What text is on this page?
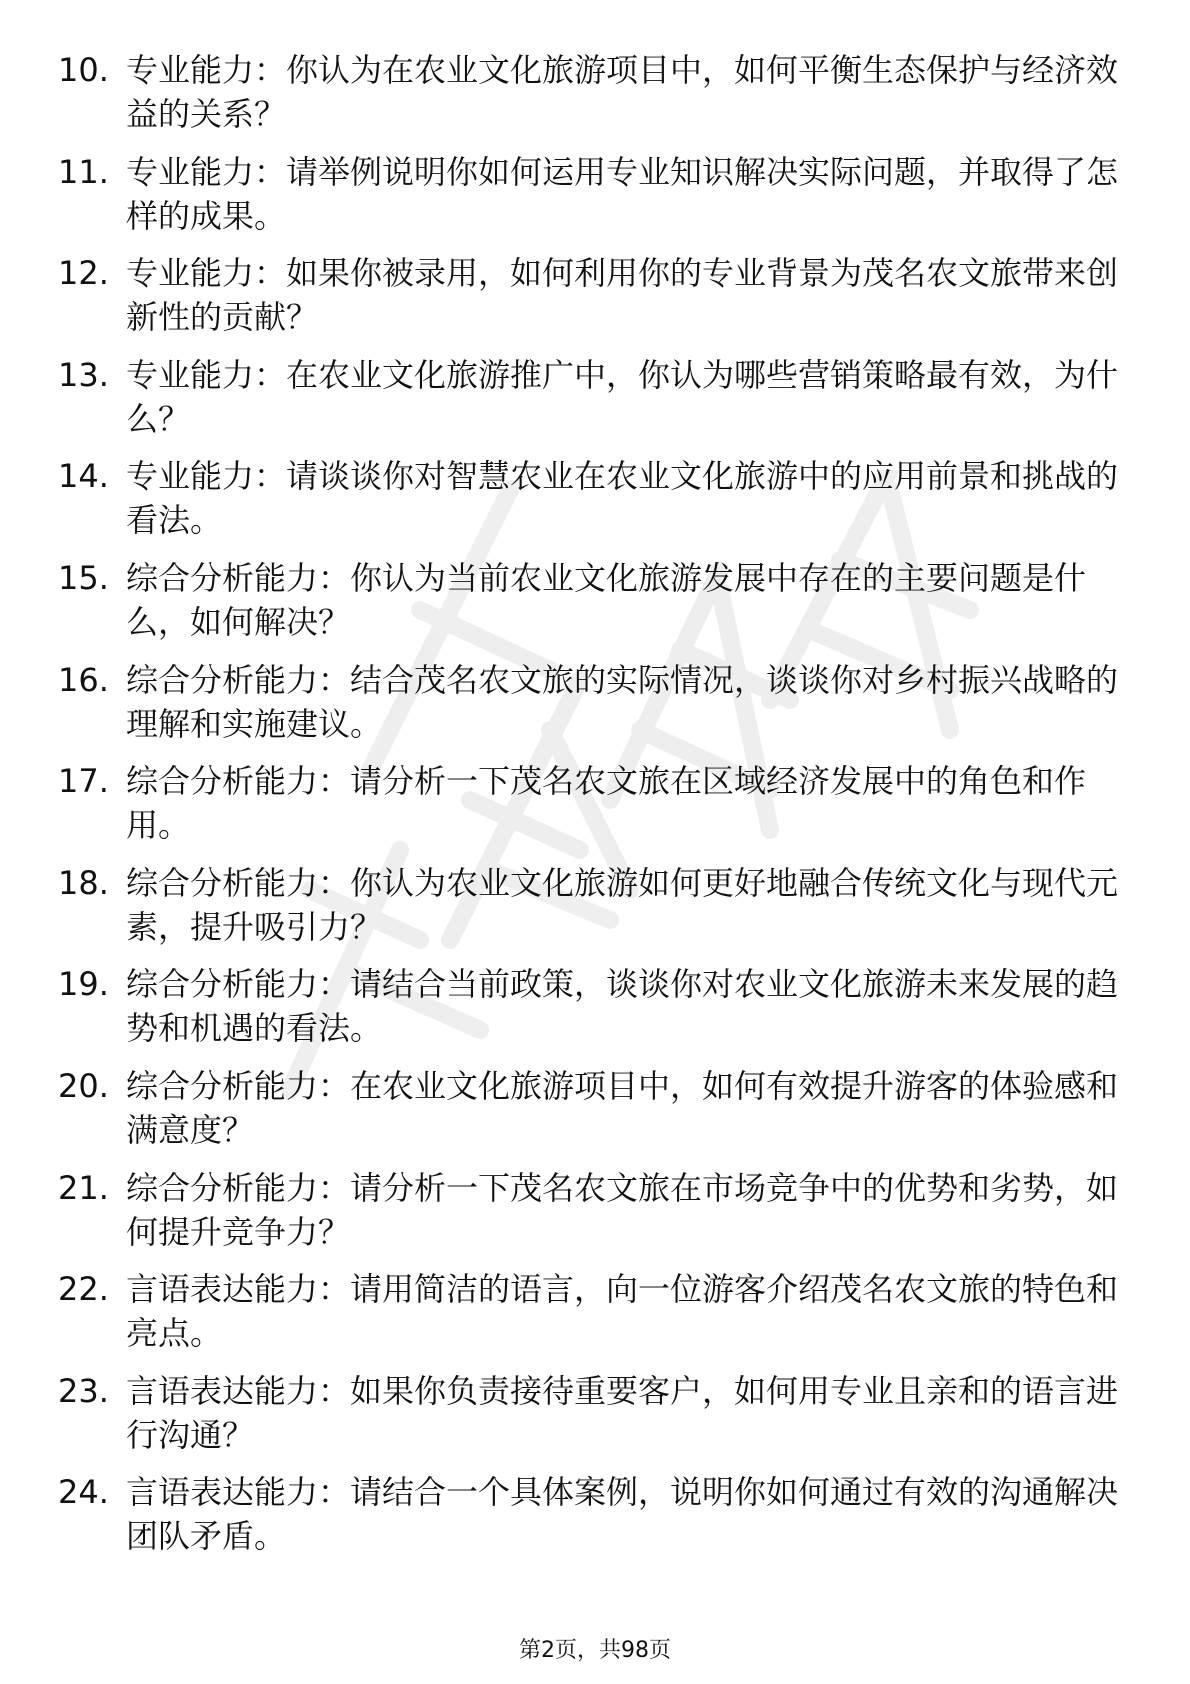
10. 专业能力：你认为在农业文化旅游项目中，如何平衡生态保护与经济效益的关系？
11. 专业能力：请举例说明你如何运用专业知识解决实际问题，并取得了怎样的成果。
12. 专业能力：如果你被录用，如何利用你的专业背景为茂名农文旅带来创新性的贡献？
13. 专业能力：在农业文化旅游推广中，你认为哪些营销策略最有效，为什么？
14. 专业能力：请谈谈你对智慧农业在农业文化旅游中的应用前景和挑战的看法。
15. 综合分析能力：你认为当前农业文化旅游发展中存在的主要问题是什么，如何解决？
16. 综合分析能力：结合茂名农文旅的实际情况，谈谈你对乡村振兴战略的理解和实施建议。
17. 综合分析能力：请分析一下茂名农文旅在区域经济发展中的角色和作用。
18. 综合分析能力：你认为农业文化旅游如何更好地融合传统文化与现代元素，提升吸引力？
19. 综合分析能力：请结合当前政策，谈谈你对农业文化旅游未来发展的趋势和机遇的看法。
20. 综合分析能力：在农业文化旅游项目中，如何有效提升游客的体验感和满意度？
21. 综合分析能力：请分析一下茂名农文旅在市场竞争中的优势和劣势，如何提升竞争力？
22. 言语表达能力：请用简洁的语言，向一位游客介绍茂名农文旅的特色和亮点。
23. 言语表达能力：如果你负责接待重要客户，如何用专业且亲和的语言进行沟通？
24. 言语表达能力：请结合一个具体案例，说明你如何通过有效的沟通解决团队矛盾。
第2页，共98页
